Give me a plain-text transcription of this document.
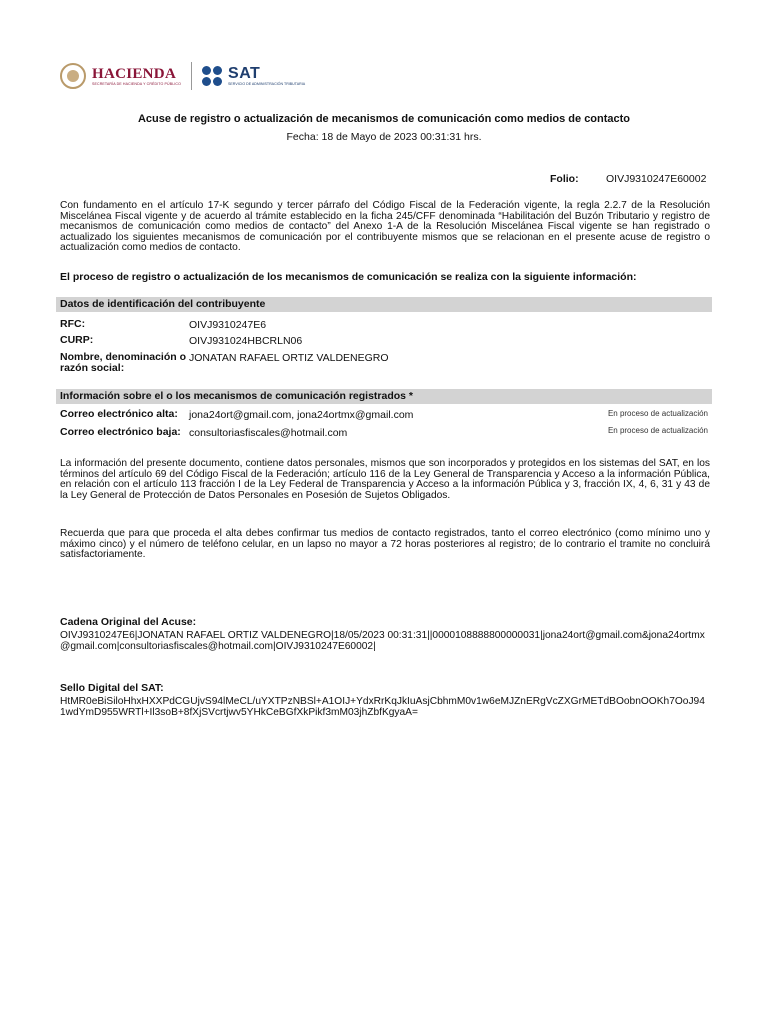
HACIENDA
SECRETARÍA DE HACIENDA Y CRÉDITO PÚBLICO
SAT
SERVICIO DE ADMINISTRACIÓN TRIBUTARIA
Acuse de registro o actualización de mecanismos de comunicación como medios de contacto
Fecha: 18 de Mayo de 2023 00:31:31 hrs.
Folio:	OIVJ9310247E60002
Con fundamento en el artículo 17-K segundo y tercer párrafo del Código Fiscal de la Federación vigente, la regla 2.2.7 de la Resolución Miscelánea Fiscal vigente y de acuerdo al trámite establecido en la ficha 245/CFF denominada “Habilitación del Buzón Tributario y registro de mecanismos de comunicación como medios de contacto” del Anexo 1-A de la Resolución Miscelánea Fiscal vigente se han registrado o actualizado los siguientes mecanismos de comunicación por el contribuyente mismos que se relacionan en el presente acuse de registro o actualización como medios de contacto.
El proceso de registro o actualización de los mecanismos de comunicación se realiza con la siguiente información:
Datos de identificación del contribuyente
RFC:	OIVJ9310247E6
CURP:	OIVJ931024HBCRLN06
Nombre, denominación o razón social:
JONATAN RAFAEL ORTIZ VALDENEGRO
Información sobre el o los mecanismos de comunicación registrados *
Correo electrónico alta: jona24ort@gmail.com, jona24ortmx@gmail.com	En proceso de actualización
Correo electrónico baja: consultoriasfiscales@hotmail.com	En proceso de actualización
La información del presente documento, contiene datos personales, mismos que son incorporados y protegidos en los sistemas del SAT, en los términos del artículo 69 del Código Fiscal de la Federación; artículo 116 de la Ley General de Transparencia y Acceso a la información Pública, en relación con el artículo 113 fracción I de la Ley Federal de Transparencia y Acceso a la información Pública y 3, fracción IX, 4, 6, 31 y 43 de la Ley General de Protección de Datos Personales en Posesión de Sujetos Obligados.
Recuerda que para que proceda el alta debes confirmar tus medios de contacto registrados, tanto el correo electrónico (como mínimo uno y máximo cinco) y el número de teléfono celular, en un lapso no mayor a 72 horas posteriores al registro; de lo contrario el tramite no concluirá satisfactoriamente.
Cadena Original del Acuse:
OIVJ9310247E6|JONATAN RAFAEL ORTIZ VALDENEGRO|18/05/2023 00:31:31||0000108888800000031|jona24ort@gmail.com&jona24ortmx@gmail.com|consultoriasfiscales@hotmail.com|OIVJ9310247E60002|
Sello Digital del SAT:
HtMR0eBiSiloHhxHXXPdCGUjvS94lMeCL/uYXTPzNBSl+A1OIJ+YdxRrKqJkIuAsjCbhmM0v1w6eMJZnERgVcZXGrMETdBOobnOOKh7OoJ941wdYmD955WRTl+Il3soB+8fXjSVcrtjwv5YHkCeBGfXkPikf3mM03jhZbfKgyaA=
